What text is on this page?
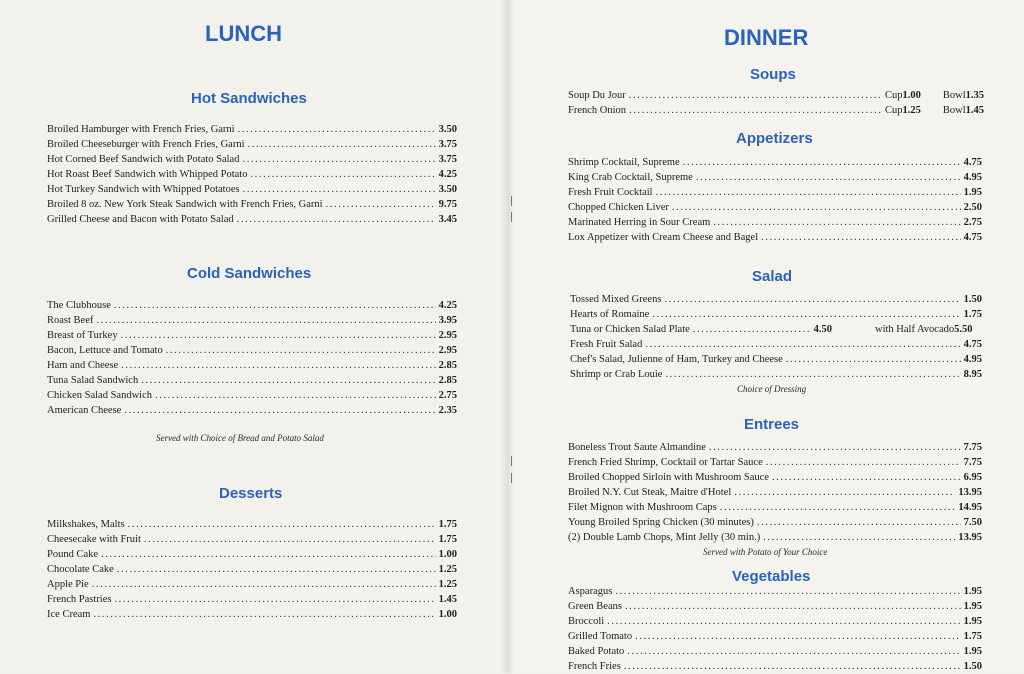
LUNCH
Hot Sandwiches
Broiled Hamburger with French Fries, Garni .....	3.50
Broiled Cheeseburger with French Fries, Garni .....	3.75
Hot Corned Beef Sandwich with Potato Salad .....	3.75
Hot Roast Beef Sandwich with Whipped Potato .....	4.25
Hot Turkey Sandwich with Whipped Potatoes .....	3.50
Broiled 8 oz. New York Steak Sandwich with French Fries, Garni .....	9.75
Grilled Cheese and Bacon with Potato Salad .....	3.45
Cold Sandwiches
The Clubhouse .....	4.25
Roast Beef .....	3.95
Breast of Turkey .....	2.95
Bacon, Lettuce and Tomato .....	2.95
Ham and Cheese .....	2.85
Tuna Salad Sandwich .....	2.85
Chicken Salad Sandwich .....	2.75
American Cheese .....	2.35
Served with Choice of Bread and Potato Salad
Desserts
Milkshakes, Malts .....	1.75
Cheesecake with Fruit .....	1.75
Pound Cake .....	1.00
Chocolate Cake .....	1.25
Apple Pie .....	1.25
French Pastries .....	1.45
Ice Cream .....	1.00
DINNER
Soups
Soup Du Jour .....	Cup 1.00 Bowl 1.35
French Onion .....	Cup 1.25 Bowl 1.45
Appetizers
Shrimp Cocktail, Supreme .....	4.75
King Crab Cocktail, Supreme .....	4.95
Fresh Fruit Cocktail .....	1.95
Chopped Chicken Liver .....	2.50
Marinated Herring in Sour Cream .....	2.75
Lox Appetizer with Cream Cheese and Bagel .....	4.75
Salad
Tossed Mixed Greens .....	1.50
Hearts of Romaine .....	1.75
Tuna or Chicken Salad Plate .....	4.50	with Half Avocado 5.50
Fresh Fruit Salad .....	4.75
Chef's Salad, Julienne of Ham, Turkey and Cheese .....	4.95
Shrimp or Crab Louie .....	8.95
Choice of Dressing
Entrees
Boneless Trout Saute Almandine .....	7.75
French Fried Shrimp, Cocktail or Tartar Sauce .....	7.75
Broiled Chopped Sirloin with Mushroom Sauce .....	6.95
Broiled N.Y. Cut Steak, Maitre d'Hotel .....	13.95
Filet Mignon with Mushroom Caps .....	14.95
Young Broiled Spring Chicken (30 minutes) .....	7.50
(2) Double Lamb Chops, Mint Jelly (30 min.) .....	13.95
Served with Potato of Your Choice
Vegetables
Asparagus .....	1.95
Green Beans .....	1.95
Broccoli .....	1.95
Grilled Tomato .....	1.75
Baked Potato .....	1.95
French Fries .....	1.50
